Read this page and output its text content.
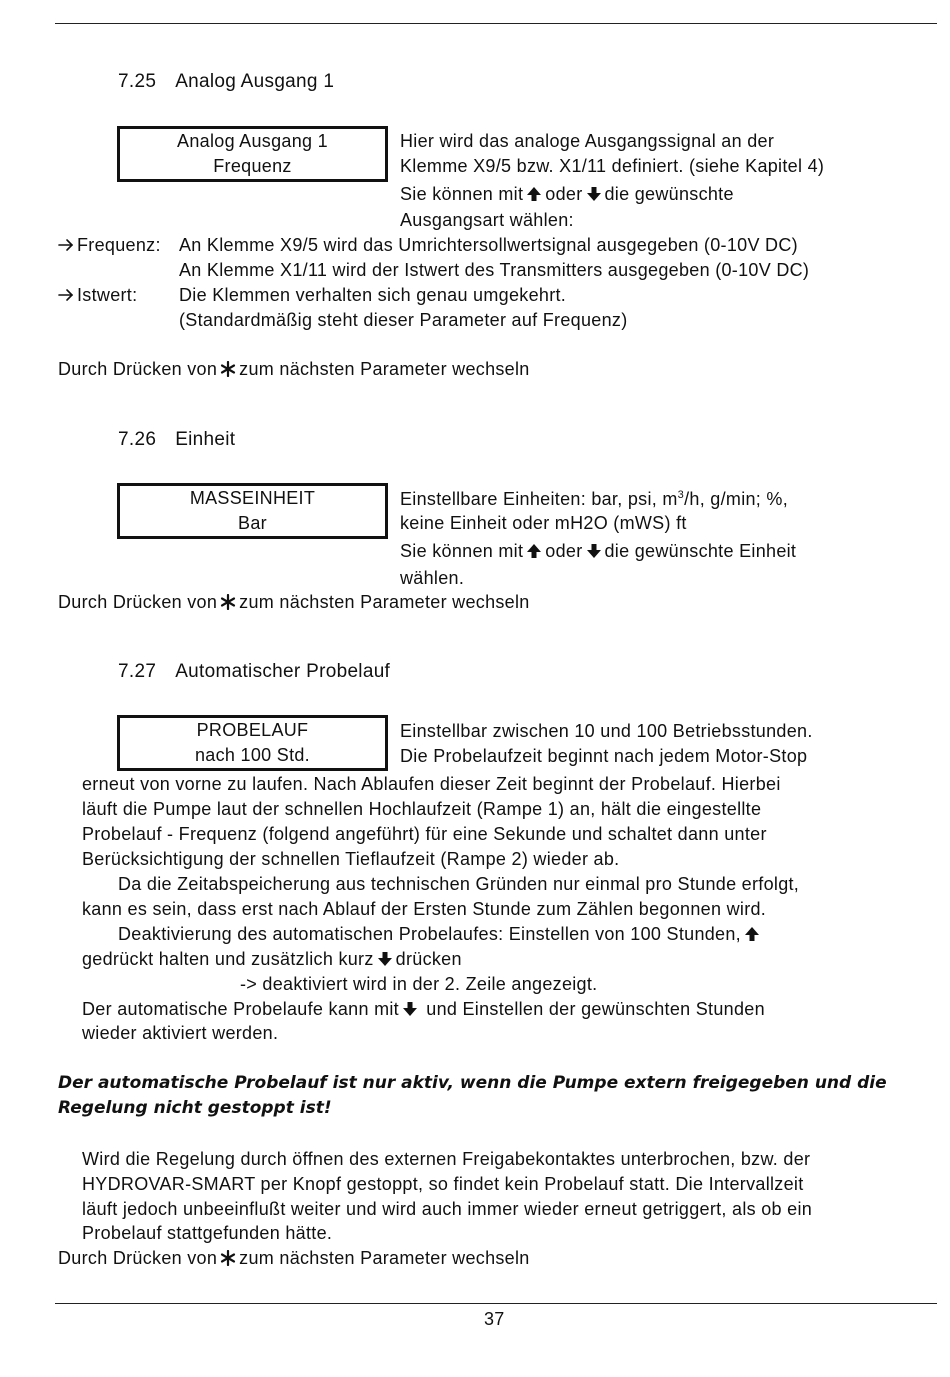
7.25 Analog Ausgang 1
Analog Ausgang 1
Frequenz
Hier wird das analoge Ausgangssignal an der
Klemme X9/5 bzw. X1/11 definiert. (siehe Kapitel 4)
Sie können mit oder die gewünschte
Ausgangsart wählen:
Frequenz: An Klemme X9/5 wird das Umrichtersollwertsignal ausgegeben (0-10V DC)
An Klemme X1/11 wird der Istwert des Transmitters ausgegeben (0-10V DC)
Istwert: Die Klemmen verhalten sich genau umgekehrt.
(Standardmäßig steht dieser Parameter auf Frequenz)
Durch Drücken von zum nächsten Parameter wechseln
7.26 Einheit
MASSEINHEIT
Bar
Einstellbare Einheiten: bar, psi, $m^3/h$, g/min; %,
keine Einheit oder mH2O (mWS) ft
Sie können mit oder die gewünschte Einheit
wählen.
Durch Drücken von zum nächsten Parameter wechseln
7.27 Automatischer Probelauf
PROBELAUF
nach 100 Std.
Einstellbar zwischen 10 und 100 Betriebsstunden.
Die Probelaufzeit beginnt nach jedem Motor-Stop
erneut von vorne zu laufen. Nach Ablaufen dieser Zeit beginnt der Probelauf. Hierbei
läuft die Pumpe laut der schnellen Hochlaufzeit (Rampe 1) an, hält die eingestellte
Probelauf - Frequenz (folgend angeführt) für eine Sekunde und schaltet dann unter
Berücksichtigung der schnellen Tieflaufzeit (Rampe 2) wieder ab.
Da die Zeitabspeicherung aus technischen Gründen nur einmal pro Stunde erfolgt,
kann es sein, dass erst nach Ablauf der Ersten Stunde zum Zählen begonnen wird.
Deaktivierung des automatischen Probelaufes: Einstellen von 100 Stunden,
gedrückt halten und zusätzlich kurz drücken
-> deaktiviert wird in der 2. Zeile angezeigt.
Der automatische Probelaufe kann mit und Einstellen der gewünschten Stunden
wieder aktiviert werden.
Der automatische Probelauf ist nur aktiv, wenn die Pumpe extern freigegeben und die
Regelung nicht gestoppt ist!
Wird die Regelung durch öffnen des externen Freigabekontaktes unterbrochen, bzw. der
HYDROVAR-SMART per Knopf gestoppt, so findet kein Probelauf statt. Die Intervallzeit
läuft jedoch unbeeinflußt weiter und wird auch immer wieder erneut getriggert, als ob ein
Probelauf stattgefunden hätte.
Durch Drücken von zum nächsten Parameter wechseln
37
